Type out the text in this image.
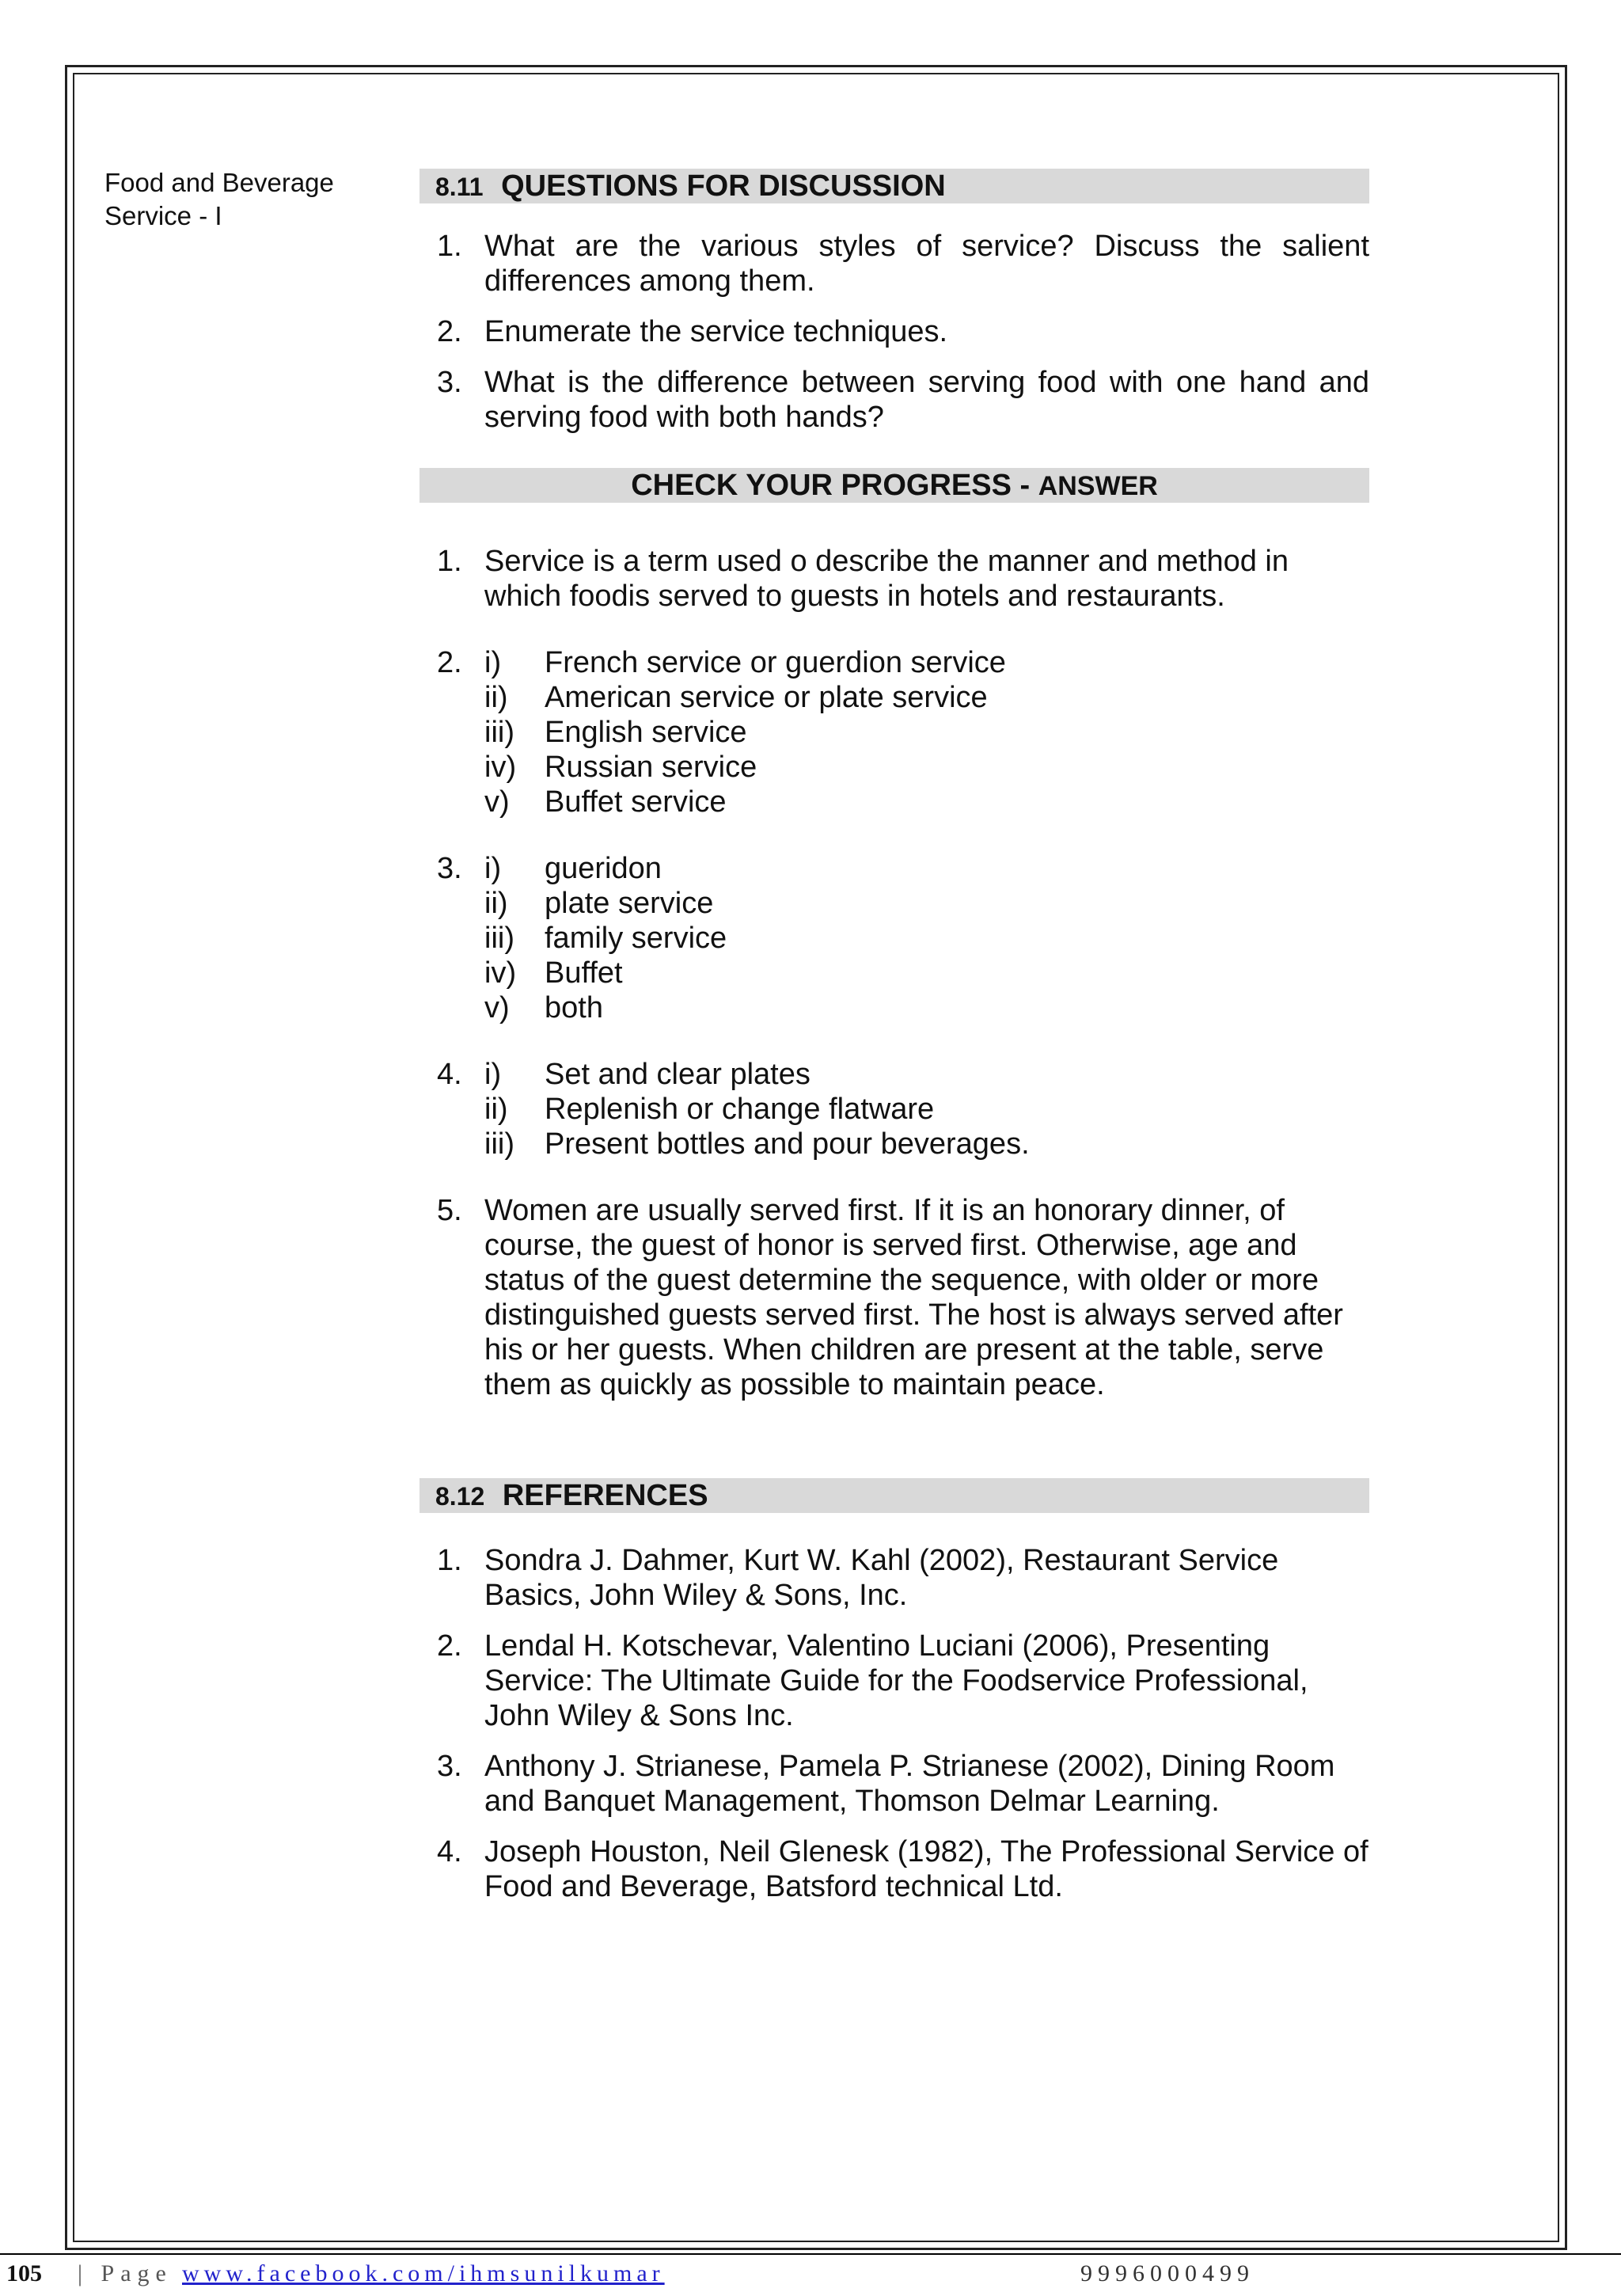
Food and Beverage Service - I
8.11 QUESTIONS FOR DISCUSSION
1. What are the various styles of service? Discuss the salient differences among them.
2. Enumerate the service techniques.
3. What is the difference between serving food with one hand and serving food with both hands?
CHECK YOUR PROGRESS - ANSWER
1. Service is a term used o describe the manner and method in which foodis served to guests in hotels and restaurants.
2. i) French service or guerdion service
ii) American service or plate service
iii) English service
iv) Russian service
v) Buffet service
3. i) gueridon
ii) plate service
iii) family service
iv) Buffet
v) both
4. i) Set and clear plates
ii) Replenish or change flatware
iii) Present bottles and pour beverages.
5. Women are usually served first. If it is an honorary dinner, of course, the guest of honor is served first. Otherwise, age and status of the guest determine the sequence, with older or more distinguished guests served first. The host is always served after his or her guests. When children are present at the table, serve them as quickly as possible to maintain peace.
8.12 REFERENCES
1. Sondra J. Dahmer, Kurt W. Kahl (2002), Restaurant Service Basics, John Wiley & Sons, Inc.
2. Lendal H. Kotschevar, Valentino Luciani (2006), Presenting Service: The Ultimate Guide for the Foodservice Professional, John Wiley & Sons Inc.
3. Anthony J. Strianese, Pamela P. Strianese (2002), Dining Room and Banquet Management, Thomson Delmar Learning.
4. Joseph Houston, Neil Glenesk (1982), The Professional Service of Food and Beverage, Batsford technical Ltd.
105 | Page www.facebook.com/ihmsunilkumar	9996000499
